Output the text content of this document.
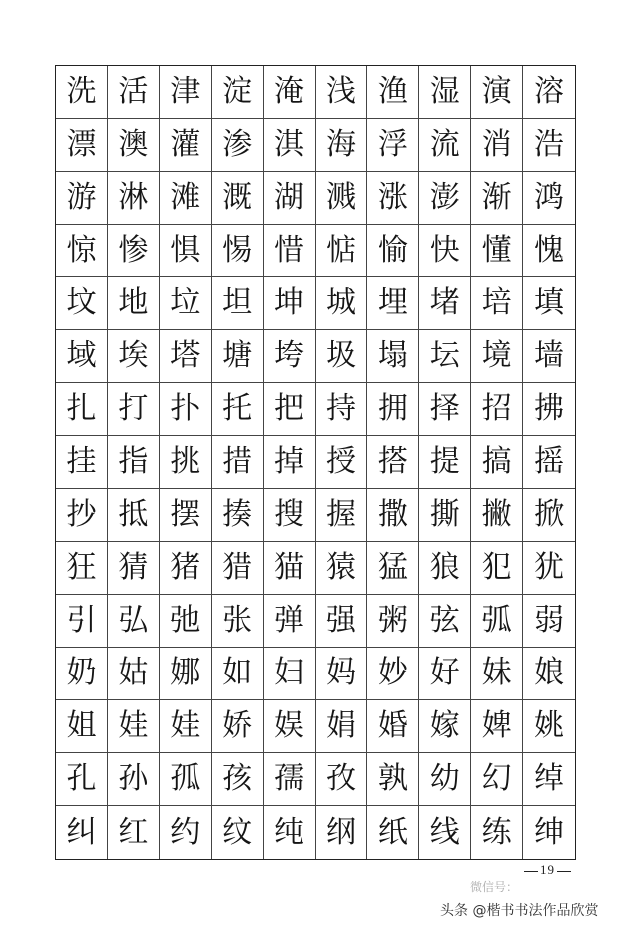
洗 活 津 淀 淹 浅 渔 湿 演 溶
漂 澳 灌 渗 淇 海 浮 流 消 浩
游 淋 滩 溉 湖 溅 涨 澎 渐 鸿
惊 惨 惧 惕 惜 惦 愉 快 懂 愧
坟 地 垃 坦 坤 城 埋 堵 培 填
域 埃 塔 塘 垮 圾 塌 坛 境 墙
扎 打 扑 托 把 持 拥 择 招 拂
挂 指 挑 措 掉 授 搭 提 搞 摇
抄 抵 摆 揍 搜 握 撒 撕 撇 掀
狂 猜 猪 猎 猫 猿 猛 狼 犯 犹
引 弘 弛 张 弹 强 粥 弦 弧 弱
奶 姑 娜 如 妇 妈 妙 好 妹 娘
姐 娃 娃 娇 娱 娟 婚 嫁 婢 姚
孔 孙 孤 孩 孺 孜 孰 幼 幻 绰
纠 红 约 纹 纯 纲 纸 线 练 绅
19
微信号：
头条 @楷书书法作品欣赏
